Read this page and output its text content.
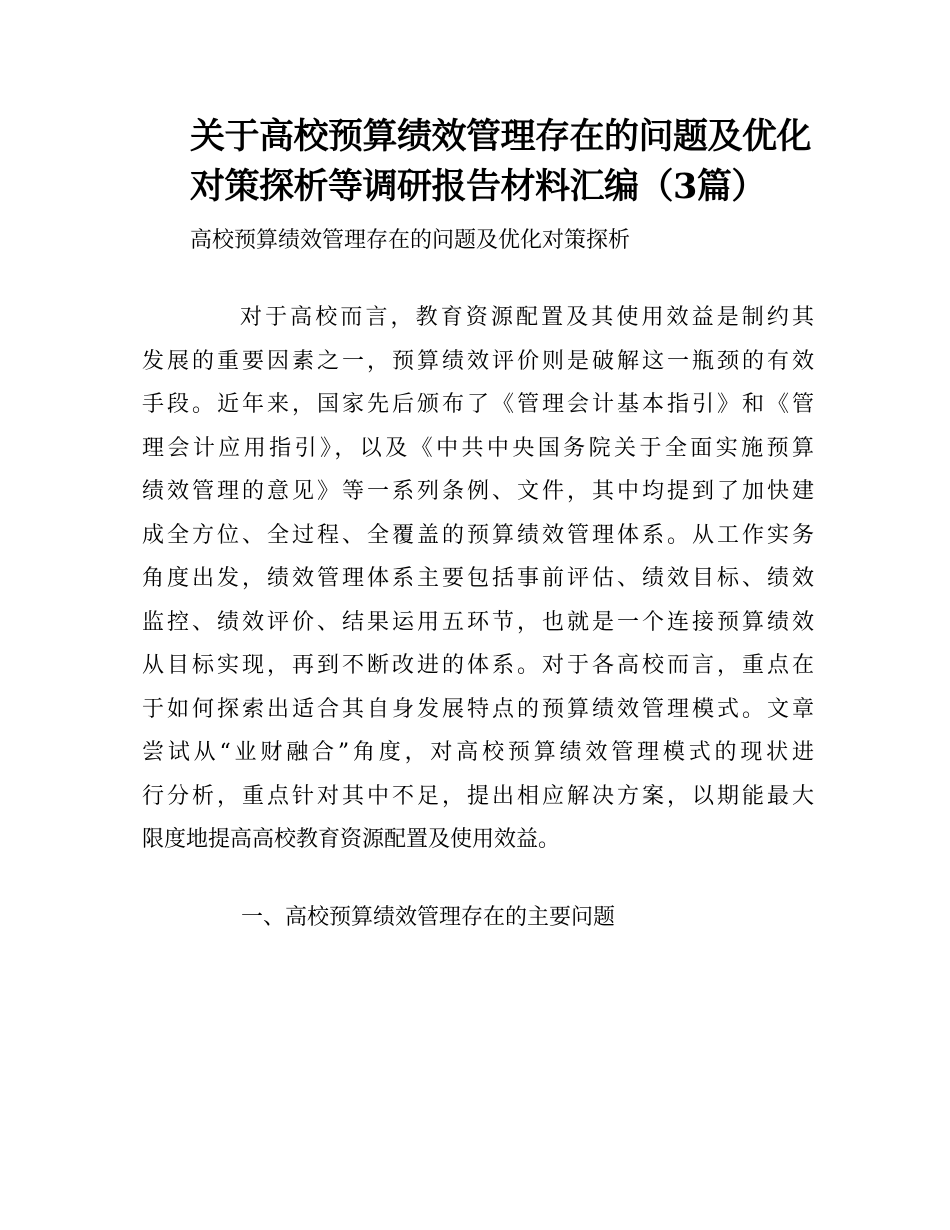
关于高校预算绩效管理存在的问题及优化
对策探析等调研报告材料汇编（3篇）

高校预算绩效管理存在的问题及优化对策探析

对于高校而言，教育资源配置及其使用效益是制约其
发展的重要因素之一，预算绩效评价则是破解这一瓶颈的有效
手段。近年来，国家先后颁布了《管理会计基本指引》和《管
理会计应用指引》，以及《中共中央国务院关于全面实施预算
绩效管理的意见》等一系列条例、文件，其中均提到了加快建
成全方位、全过程、全覆盖的预算绩效管理体系。从工作实务
角度出发，绩效管理体系主要包括事前评估、绩效目标、绩效
监控、绩效评价、结果运用五环节，也就是一个连接预算绩效
从目标实现，再到不断改进的体系。对于各高校而言，重点在
于如何探索出适合其自身发展特点的预算绩效管理模式。文章
尝试从“业财融合”角度，对高校预算绩效管理模式的现状进
行分析，重点针对其中不足，提出相应解决方案，以期能最大
限度地提高高校教育资源配置及使用效益。

一、高校预算绩效管理存在的主要问题
